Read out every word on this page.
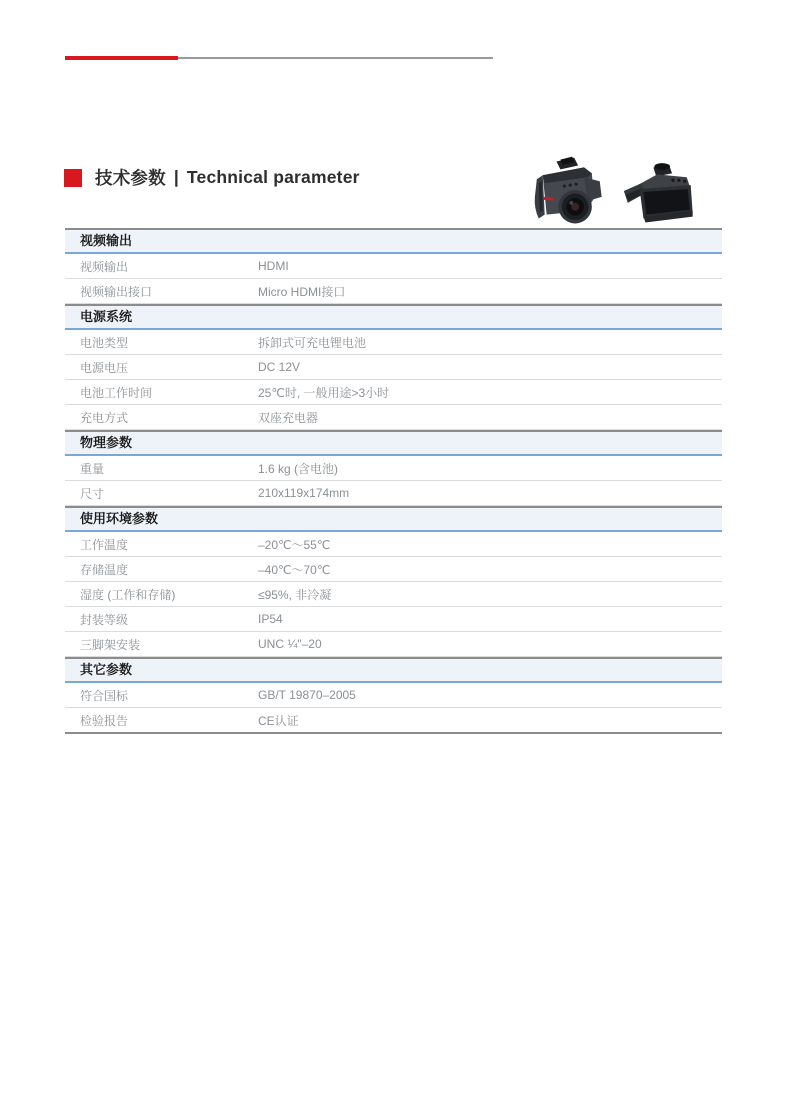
技术参数 | Technical parameter
视频输出
视频输出	HDMI
视频输出接口	Micro HDMI接口
电源系统
电池类型	拆卸式可充电锂电池
电源电压	DC 12V
电池工作时间	25℃时, 一般用途>3小时
充电方式	双座充电器
物理参数
重量	1.6 kg (含电池)
尺寸	210x119x174mm
使用环境参数
工作温度	–20℃～55℃
存储温度	–40℃～70℃
湿度 (工作和存储)	≤95%, 非冷凝
封装等级	IP54
三脚架安装	UNC ¼"–20
其它参数
符合国标	GB/T 19870–2005
检验报告	CE认证
